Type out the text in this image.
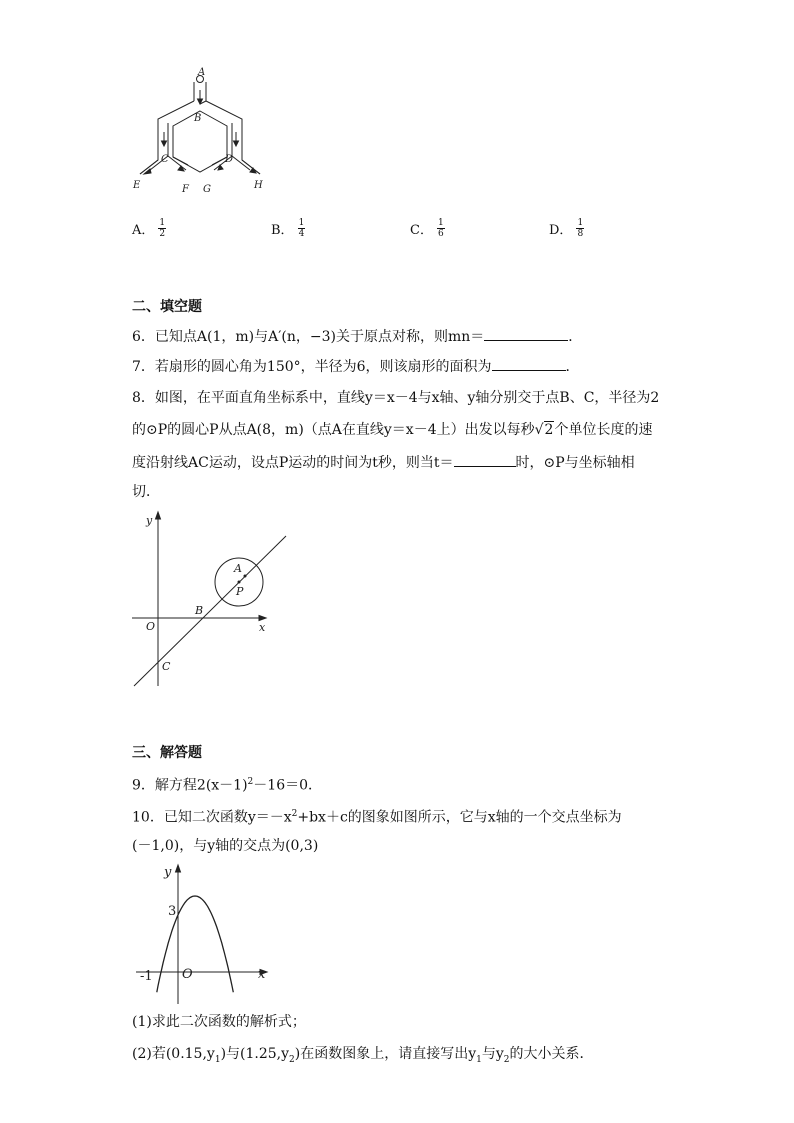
A
B
C	D
E	F G	H
A． $\frac{1}{2}$	B． $\frac{1}{4}$	C． $\frac{1}{6}$	D． $\frac{1}{8}$
二、填空题
6．已知点A(1，m)与A′(n，−3)关于原点对称，则mn＝	．
7．若扇形的圆心角为150°，半径为6，则该扇形的面积为	．
8．如图，在平面直角坐标系中，直线y＝x－4与x轴、y轴分别交于点B、C，半径为2
的⊙P的圆心P从点A(8，m)（点A在直线y＝x－4上）出发以每秒√2个单位长度的速
度沿射线AC运动，设点P运动的时间为t秒，则当t＝	时，⊙P与坐标轴相
切．
y
x
O
B
C
A
P
三、解答题
9．解方程$2(x-1)^2-16=0$．
10．已知二次函数$y=-x^2+bx+c$的图象如图所示，它与x轴的一个交点坐标为
(－1,0)，与y轴的交点为(0,3)
y
3
-1 O	x
(1)求此二次函数的解析式；
(2)若$(0.15,y_1)$与$(1.25,y_2)$在函数图象上，请直接写出$y_1$与$y_2$的大小关系．
